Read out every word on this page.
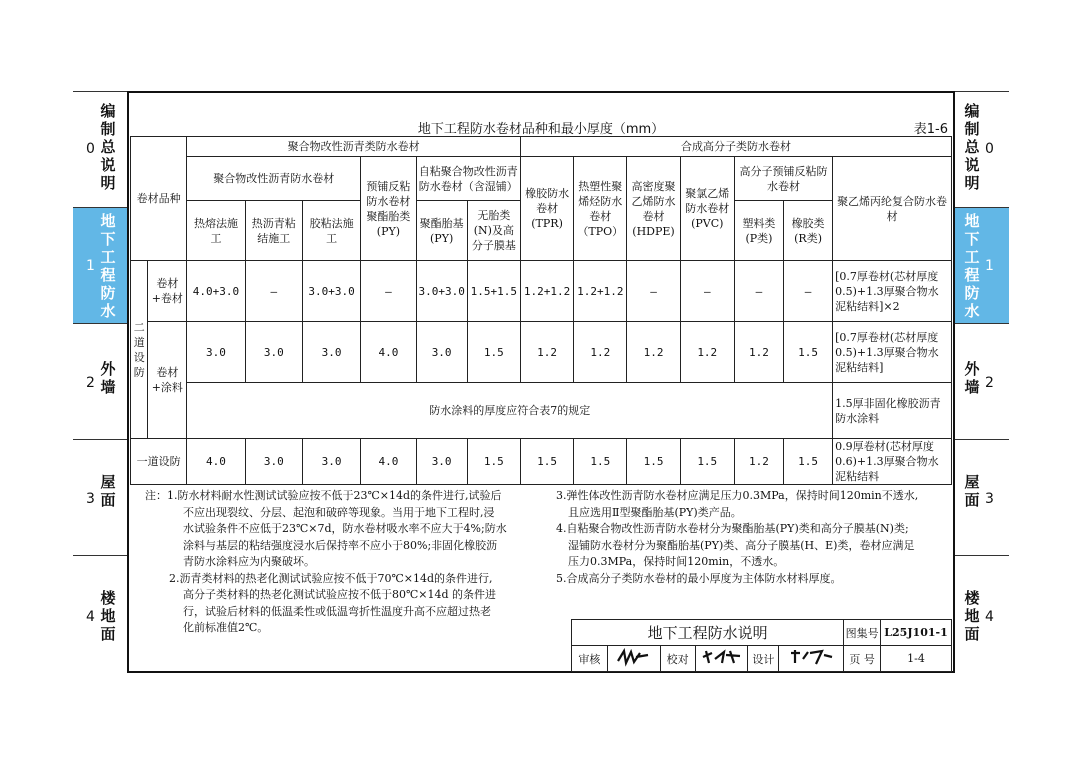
0
编制总说明
1
地下工程防水
2
外墙
3
屋面
4
楼地面
0
编制总说明
1
地下工程防水
2
外墙
3
屋面
4
楼地面
地下工程防水卷材品种和最小厚度（mm）	表1-6
卷材品种		聚合物改性沥青类防水卷材						合成高分子类防水卷材						
		聚合物改性沥青防水卷材			预铺反粘防水卷材聚酯胎类(PY)	自粘聚合物改性沥青防水卷材（含湿铺）		橡胶防水卷材(TPR)	热塑性聚烯烃防水卷材（TPO）	高密度聚乙烯防水卷材(HDPE)	聚氯乙烯防水卷材(PVC)	高分子预铺反粘防水卷材		聚乙烯丙纶复合防水卷材
		热熔法施工	热沥青粘结施工	胶粘法施工		聚酯胎基(PY)	无胎类(N)及高分子膜基					塑料类(P类)	橡胶类(R类)	
二道设防	卷材+卷材	4.0+3.0	—	3.0+3.0	—	3.0+3.0	1.5+1.5	1.2+1.2	1.2+1.2	—	—	—	—	[0.7厚卷材(芯材厚度0.5)+1.3厚聚合物水泥粘结料]×2
	卷材+涂料	3.0	3.0	3.0	4.0	3.0	1.5	1.2	1.2	1.2	1.2	1.2	1.5	[0.7厚卷材(芯材厚度0.5)+1.3厚聚合物水泥粘结料]
		防水涂料的厚度应符合表7的规定												1.5厚非固化橡胶沥青防水涂料
一道设防		4.0	3.0	3.0	4.0	3.0	1.5	1.5	1.5	1.5	1.5	1.2	1.5	0.9厚卷材(芯材厚度0.6)+1.3厚聚合物水泥粘结料

注：1.防水材料耐水性测试试验应按不低于23℃×14d的条件进行,试验后

不应出现裂纹、分层、起泡和破碎等现象。当用于地下工程时,浸

水试验条件不应低于23℃×7d，防水卷材吸水率不应大于4%;防水

涂料与基层的粘结强度浸水后保持率不应小于80%;非固化橡胶沥

青防水涂料应为内聚破坏。

2.沥青类材料的热老化测试试验应按不低于70℃×14d的条件进行,

高分子类材料的热老化测试试验应按不低于80℃×14d 的条件进

行，试验后材料的低温柔性或低温弯折性温度升高不应超过热老

化前标准值2℃。

3.弹性体改性沥青防水卷材应满足压力0.3MPa，保持时间120min不透水,

且应选用Ⅱ型聚酯胎基(PY)类产品。

4.自粘聚合物改性沥青防水卷材分为聚酯胎基(PY)类和高分子膜基(N)类;

湿铺防水卷材分为聚酯胎基(PY)类、高分子膜基(H、E)类，卷材应满足

压力0.3MPa，保持时间120min，不透水。

5.合成高分子类防水卷材的最小厚度为主体防水材料厚度。

地下工程防水说明						图集号	L25J101-1
审核		校对		设计		页 号	1-4
